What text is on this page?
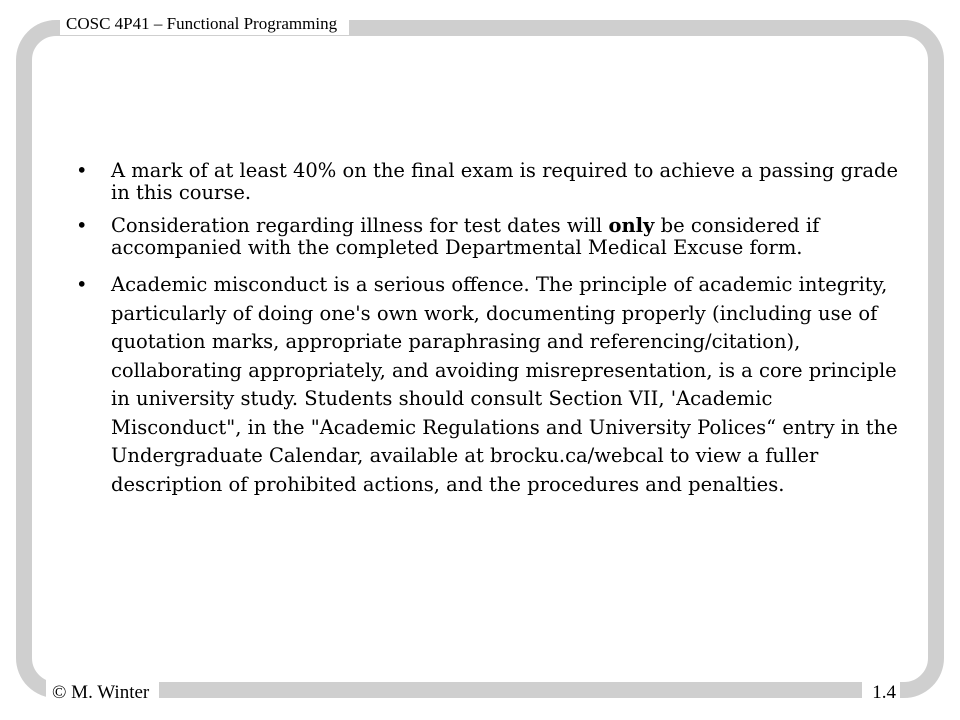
COSC 4P41 – Functional Programming
• A mark of at least 40% on the final exam is required to achieve a passing grade in this course.
• Consideration regarding illness for test dates will only be considered if accompanied with the completed Departmental Medical Excuse form.
• Academic misconduct is a serious offence. The principle of academic integrity, particularly of doing one's own work, documenting properly (including use of quotation marks, appropriate paraphrasing and referencing/citation), collaborating appropriately, and avoiding misrepresentation, is a core principle in university study. Students should consult Section VII, 'Academic Misconduct", in the "Academic Regulations and University Polices“ entry in the Undergraduate Calendar, available at brocku.ca/webcal to view a fuller description of prohibited actions, and the procedures and penalties.
© M. Winter	1.4
